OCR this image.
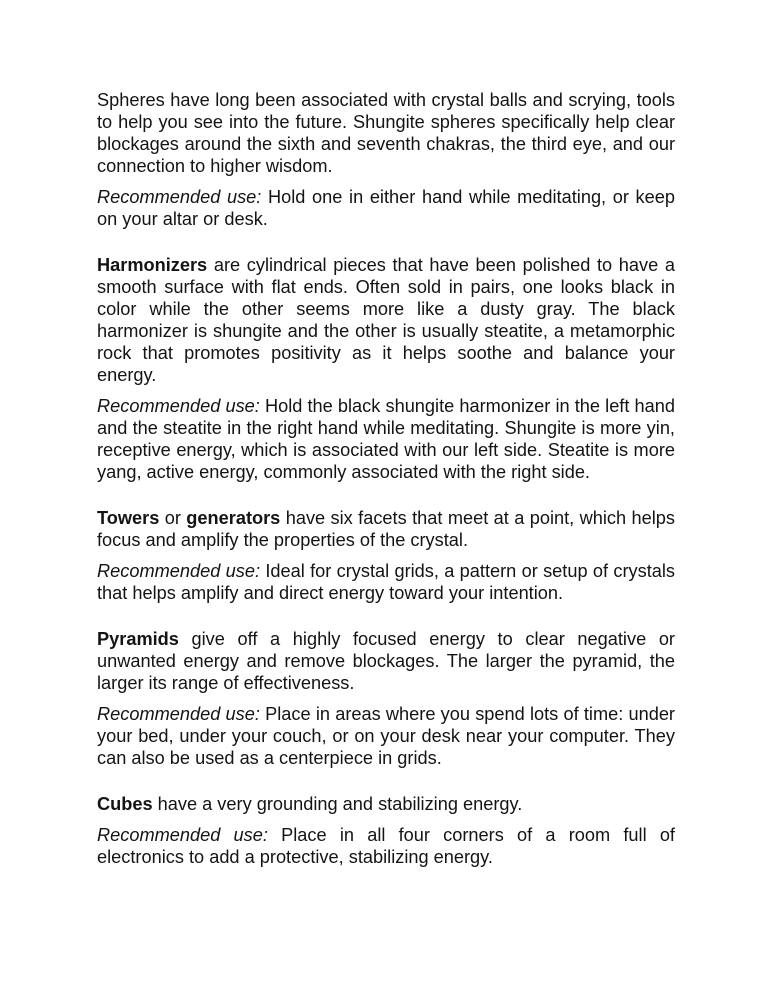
Spheres have long been associated with crystal balls and scrying, tools to help you see into the future. Shungite spheres specifically help clear blockages around the sixth and seventh chakras, the third eye, and our connection to higher wisdom.

Recommended use: Hold one in either hand while meditating, or keep on your altar or desk.

Harmonizers are cylindrical pieces that have been polished to have a smooth surface with flat ends. Often sold in pairs, one looks black in color while the other seems more like a dusty gray. The black harmonizer is shungite and the other is usually steatite, a metamorphic rock that promotes positivity as it helps soothe and balance your energy.

Recommended use: Hold the black shungite harmonizer in the left hand and the steatite in the right hand while meditating. Shungite is more yin, receptive energy, which is associated with our left side. Steatite is more yang, active energy, commonly associated with the right side.

Towers or generators have six facets that meet at a point, which helps focus and amplify the properties of the crystal.

Recommended use: Ideal for crystal grids, a pattern or setup of crystals that helps amplify and direct energy toward your intention.

Pyramids give off a highly focused energy to clear negative or unwanted energy and remove blockages. The larger the pyramid, the larger its range of effectiveness.

Recommended use: Place in areas where you spend lots of time: under your bed, under your couch, or on your desk near your computer. They can also be used as a centerpiece in grids.

Cubes have a very grounding and stabilizing energy.

Recommended use: Place in all four corners of a room full of electronics to add a protective, stabilizing energy.
